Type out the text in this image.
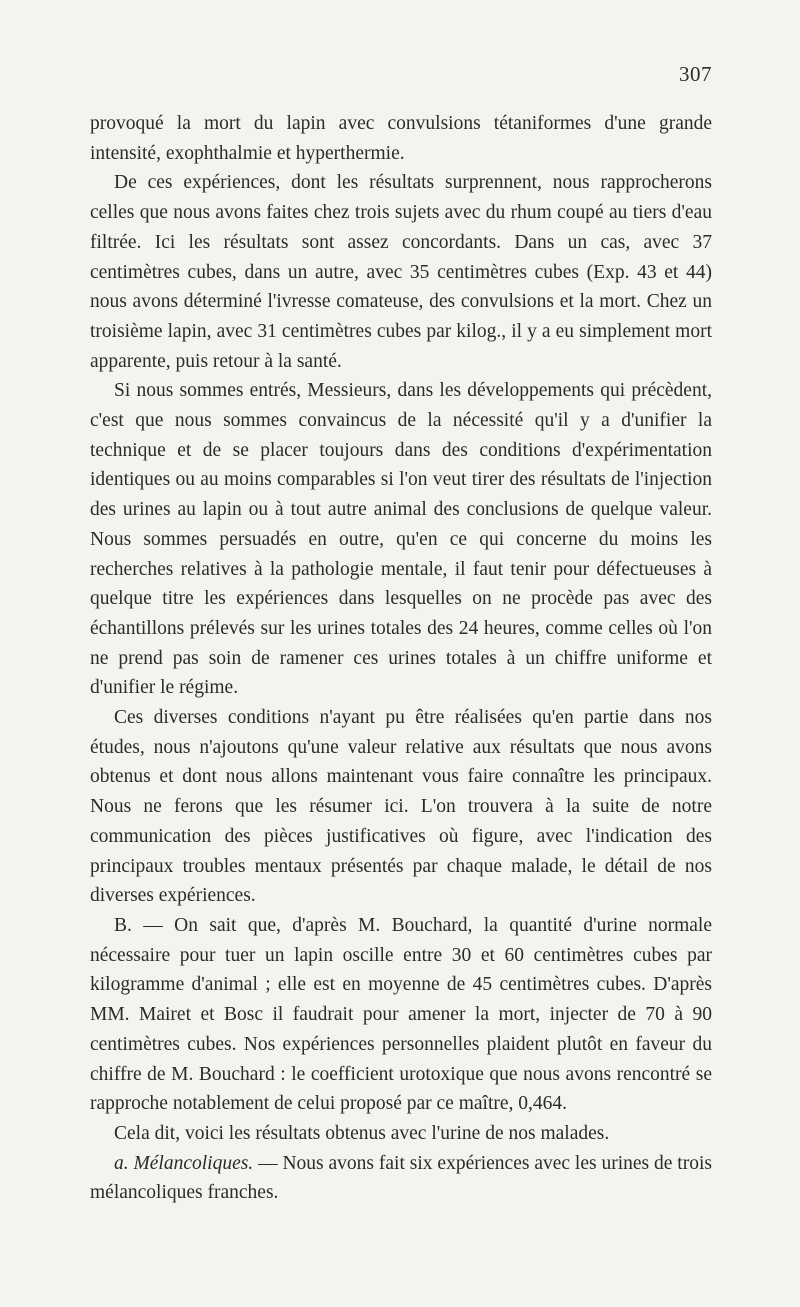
307

provoqué la mort du lapin avec convulsions tétaniformes d'une grande intensité, exophthalmie et hyperthermie.

De ces expériences, dont les résultats surprennent, nous rapprocherons celles que nous avons faites chez trois sujets avec du rhum coupé au tiers d'eau filtrée. Ici les résultats sont assez concordants. Dans un cas, avec 37 centimètres cubes, dans un autre, avec 35 centimètres cubes (Exp. 43 et 44) nous avons déterminé l'ivresse comateuse, des convulsions et la mort. Chez un troisième lapin, avec 31 centimètres cubes par kilog., il y a eu simplement mort apparente, puis retour à la santé.

Si nous sommes entrés, Messieurs, dans les développements qui précèdent, c'est que nous sommes convaincus de la nécessité qu'il y a d'unifier la technique et de se placer toujours dans des conditions d'expérimentation identiques ou au moins comparables si l'on veut tirer des résultats de l'injection des urines au lapin ou à tout autre animal des conclusions de quelque valeur. Nous sommes persuadés en outre, qu'en ce qui concerne du moins les recherches relatives à la pathologie mentale, il faut tenir pour défectueuses à quelque titre les expériences dans lesquelles on ne procède pas avec des échantillons prélevés sur les urines totales des 24 heures, comme celles où l'on ne prend pas soin de ramener ces urines totales à un chiffre uniforme et d'unifier le régime.

Ces diverses conditions n'ayant pu être réalisées qu'en partie dans nos études, nous n'ajoutons qu'une valeur relative aux résultats que nous avons obtenus et dont nous allons maintenant vous faire connaître les principaux. Nous ne ferons que les résumer ici. L'on trouvera à la suite de notre communication des pièces justificatives où figure, avec l'indication des principaux troubles mentaux présentés par chaque malade, le détail de nos diverses expériences.

B. — On sait que, d'après M. Bouchard, la quantité d'urine normale nécessaire pour tuer un lapin oscille entre 30 et 60 centimètres cubes par kilogramme d'animal ; elle est en moyenne de 45 centimètres cubes. D'après MM. Mairet et Bosc il faudrait pour amener la mort, injecter de 70 à 90 centimètres cubes. Nos expériences personnelles plaident plutôt en faveur du chiffre de M. Bouchard : le coefficient urotoxique que nous avons rencontré se rapproche notablement de celui proposé par ce maître, 0,464.

Cela dit, voici les résultats obtenus avec l'urine de nos malades.

a. Mélancoliques. — Nous avons fait six expériences avec les urines de trois mélancoliques franches.
